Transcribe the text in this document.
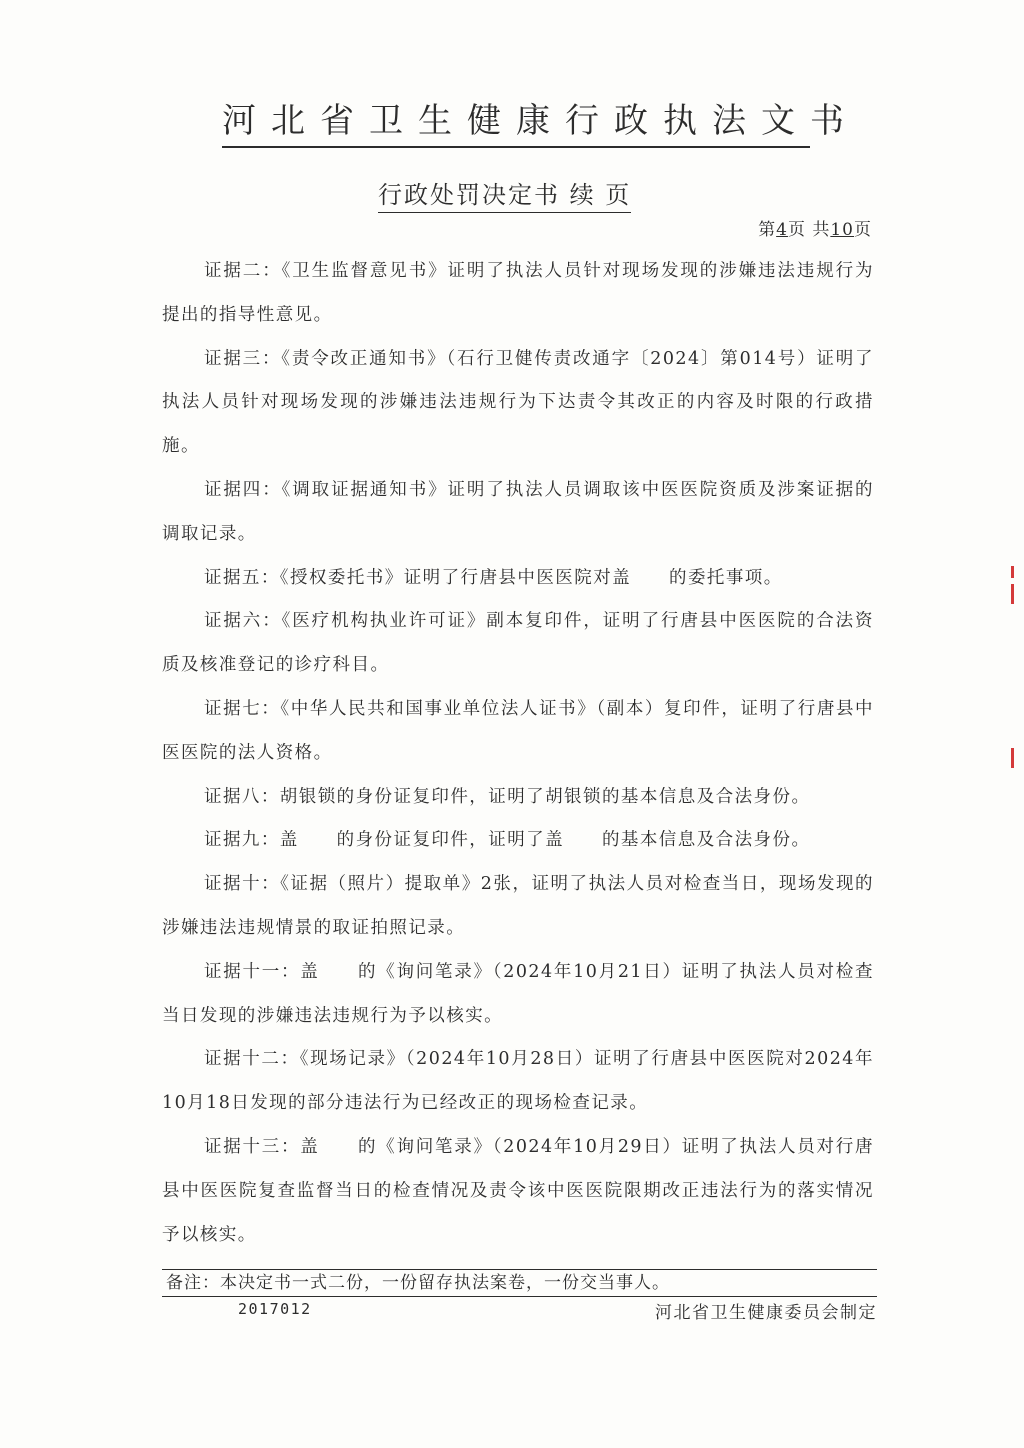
河北省卫生健康行政执法文书
行政处罚决定书 续 页
第4页 共10页

证据二：《卫生监督意见书》证明了执法人员针对现场发现的涉嫌违法违规行为提出的指导性意见。

证据三：《责令改正通知书》（石行卫健传责改通字〔2024〕第014号）证明了执法人员针对现场发现的涉嫌违法违规行为下达责令其改正的内容及时限的行政措施。

证据四：《调取证据通知书》证明了执法人员调取该中医医院资质及涉案证据的调取记录。

证据五：《授权委托书》证明了行唐县中医医院对盖　　的委托事项。

证据六：《医疗机构执业许可证》副本复印件，证明了行唐县中医医院的合法资质及核准登记的诊疗科目。

证据七：《中华人民共和国事业单位法人证书》（副本）复印件，证明了行唐县中医医院的法人资格。

证据八：胡银锁的身份证复印件，证明了胡银锁的基本信息及合法身份。

证据九：盖　　的身份证复印件，证明了盖　　的基本信息及合法身份。

证据十：《证据（照片）提取单》2张，证明了执法人员对检查当日，现场发现的涉嫌违法违规情景的取证拍照记录。

证据十一：盖　　的《询问笔录》（2024年10月21日）证明了执法人员对检查当日发现的涉嫌违法违规行为予以核实。

证据十二：《现场记录》（2024年10月28日）证明了行唐县中医医院对2024年10月18日发现的部分违法行为已经改正的现场检查记录。

证据十三：盖　　的《询问笔录》（2024年10月29日）证明了执法人员对行唐县中医医院复查监督当日的检查情况及责令该中医医院限期改正违法行为的落实情况予以核实。

备注：本决定书一式二份，一份留存执法案卷，一份交当事人。
2017012	河北省卫生健康委员会制定
